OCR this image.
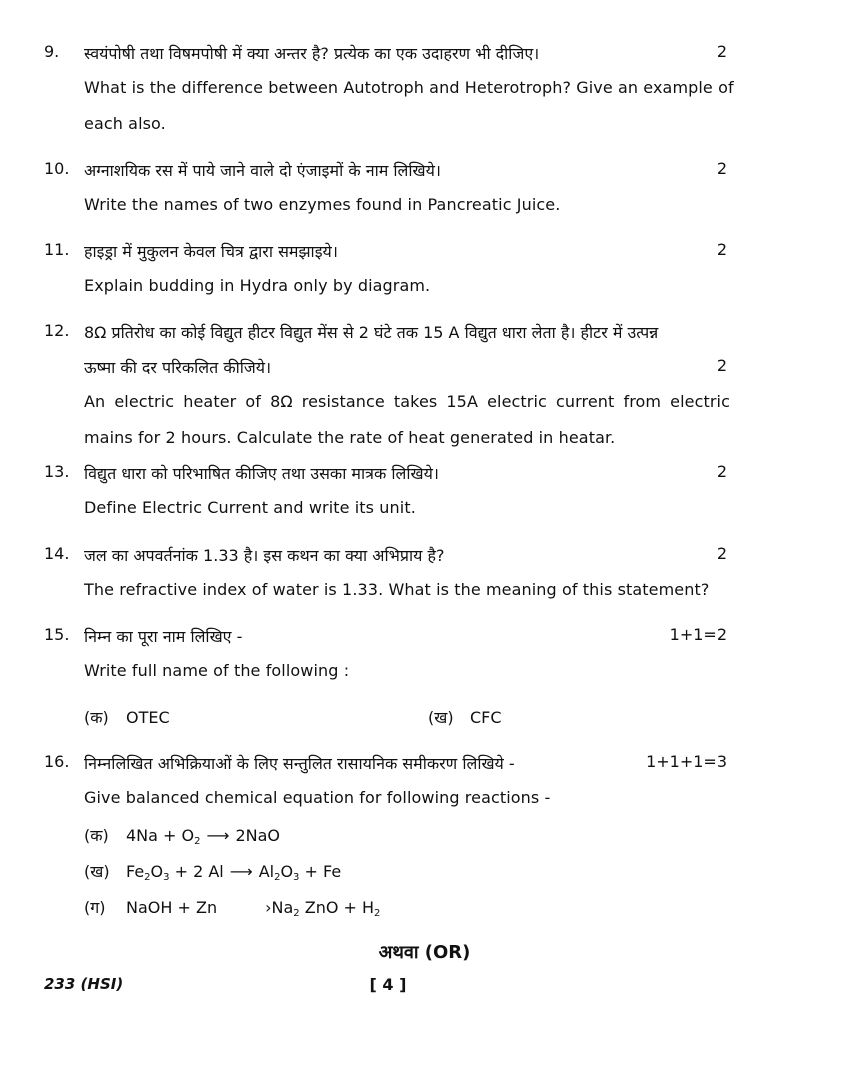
9. स्वयंपोषी तथा विषमपोषी में क्या अन्तर है? प्रत्येक का एक उदाहरण भी दीजिए।	2
What is the difference between Autotroph and Heterotroph? Give an example of
each also.
10. अग्नाशयिक रस में पाये जाने वाले दो एंजाइमों के नाम लिखिये।	2
Write the names of two enzymes found in Pancreatic Juice.
11. हाइड्रा में मुकुलन केवल चित्र द्वारा समझाइये।	2
Explain budding in Hydra only by diagram.
12. 8Ω प्रतिरोध का कोई विद्युत हीटर विद्युत मेंस से 2 घंटे तक 15 A विद्युत धारा लेता है। हीटर में उत्पन्न
ऊष्मा की दर परिकलित कीजिये।	2
An electric heater of 8Ω resistance takes 15A electric current from electric
mains for 2 hours. Calculate the rate of heat generated in heatar.
13. विद्युत धारा को परिभाषित कीजिए तथा उसका मात्रक लिखिये।	2
Define Electric Current and write its unit.
14. जल का अपवर्तनांक 1.33 है। इस कथन का क्या अभिप्राय है?	2
The refractive index of water is 1.33. What is the meaning of this statement?
15. निम्न का पूरा नाम लिखिए -	1+1=2
Write full name of the following :
(क) OTEC	(ख) CFC
16. निम्नलिखित अभिक्रियाओं के लिए सन्तुलित रासायनिक समीकरण लिखिये -	1+1+1=3
Give balanced chemical equation for following reactions -
(क) $4Na + O_2$ ⟶ 2NaO
(ख) $Fe_2O_3 + 2$ Al ⟶ $Al_2O_3 + Fe$
(ग) NaOH + Zn	$›Na_2$ ZnO + $H_2$
अथवा (OR)
233 (HSI)	[ 4 ]
